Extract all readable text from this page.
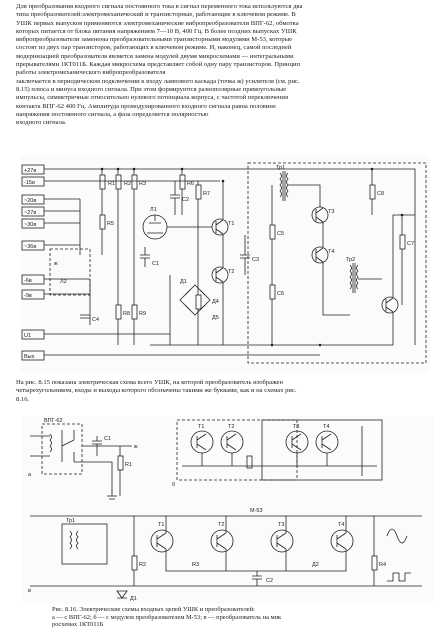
Для преобразования входного сигнала постоянного тока в сигнал переменного тока используются два
типа преобразователей:электромеханический и транзисторные, работающие в ключевом режиме. В
УШК первых выпусков применяются электромеханические вибропреобразователи ВПГ-62, обмотка
которых питается от блока питания напряжением 7—10 В, 400 Гц. В более поздних выпусках УШК
вибропреобразователи заменены преобразовательными транзисторными модулями М-53, которые
состоят из двух пар транзисторов, работающих в ключевом режиме. И, наконец, самой последней
модернизацией преобразователя является замена модулей двумя микросхемами — интегральными
прерывателями 1КТ011Б. Каждая микросхема представляет собой одну пару транзисторов. Принцип
работы электромеханического вибропреобразователя
заключается в периодическом подключении к входу лампового каскада (точка ж) усилителя (см. рис.
8.15) плюса и минуса входного сигнала. При этом формируются разнополярные прямоугольные
импульсы, симметричные относительно нулевого потенциала корпуса, с частотой переключения
контакта ВПГ-62 400 Гц. Амплитуда промодулированного входного сигнала равна половине
напряжения постоянного сигнала, а фаза определяется полярностью
входного сигнала.

+27в
-15в
~20в
~27в
~30в
~36в
-6в
-9в
U1
Вых
ж
R1 R2 R3
R5
R6
R7
R8 R9
Л1
Л2
Т1
Т2
Т3
Т4
Тр1
Тр2
С1
С2
С3
С4
С5
С6
С7
С8
Д1
Д4
Д5

На рис. 8.15 показана электрическая схема всего УШК, на которой преобразователь изображен
четырехугольником, входы и выходы которого обозначены такими же буквами, как и на схемах рис.
8.16.

ВПГ-62
а
С1
R1
ж
б
Т1	Т2	Т3	Т4
в
М-53
Т1	Т2	Т3	Т4
Тр1
С2
R2	R3	R4
Д1
Д2
Рис. 8.16. Электрические схемы входных цепей УШК и преобразователей:
а — с ВПГ-62; б — с модулем преобразователем М-53; в — преобразователь на мик
росхемах 1КТ011Б
